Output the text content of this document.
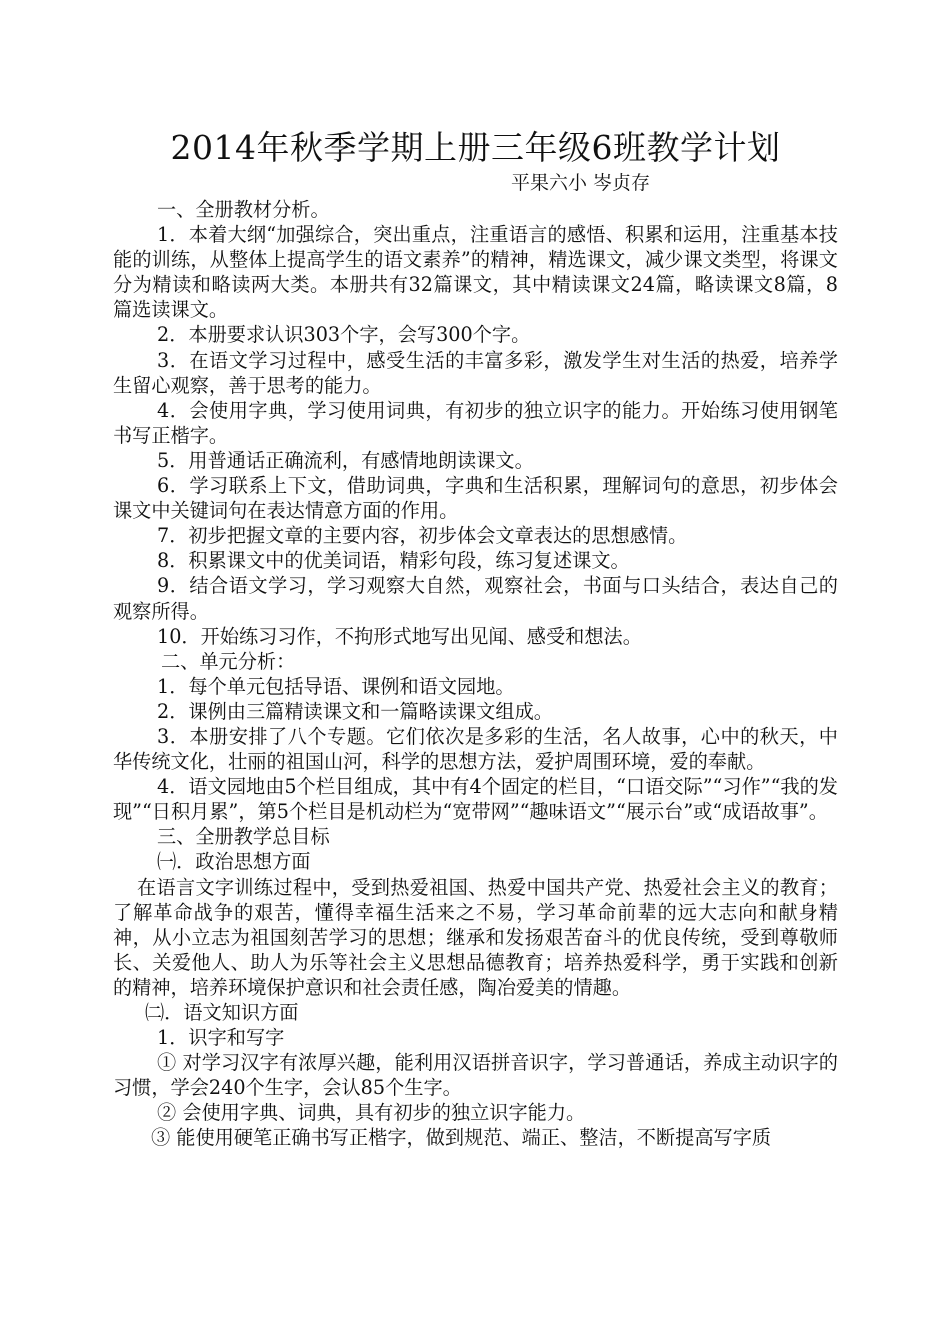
2014年秋季学期上册三年级6班教学计划
平果六小 岑贞存

一、全册教材分析。

1．本着大纲“加强综合，突出重点，注重语言的感悟、积累和运用，注重基本技能的训练，从整体上提高学生的语文素养”的精神，精选课文，减少课文类型，将课文分为精读和略读两大类。本册共有32篇课文，其中精读课文24篇，略读课文8篇，8篇选读课文。

2．本册要求认识303个字，会写300个字。

3．在语文学习过程中，感受生活的丰富多彩，激发学生对生活的热爱，培养学生留心观察，善于思考的能力。

4．会使用字典，学习使用词典，有初步的独立识字的能力。开始练习使用钢笔书写正楷字。

5．用普通话正确流利，有感情地朗读课文。

6．学习联系上下文，借助词典，字典和生活积累，理解词句的意思，初步体会课文中关键词句在表达情意方面的作用。

7．初步把握文章的主要内容，初步体会文章表达的思想感情。

8．积累课文中的优美词语，精彩句段，练习复述课文。

9．结合语文学习，学习观察大自然，观察社会，书面与口头结合，表达自己的观察所得。

10．开始练习习作，不拘形式地写出见闻、感受和想法。

二、单元分析：

1．每个单元包括导语、课例和语文园地。

2．课例由三篇精读课文和一篇略读课文组成。

3．本册安排了八个专题。它们依次是多彩的生活，名人故事，心中的秋天，中华传统文化，壮丽的祖国山河，科学的思想方法，爱护周围环境，爱的奉献。

4．语文园地由5个栏目组成，其中有4个固定的栏目，“口语交际”“习作”“我的发现”“日积月累”，第5个栏目是机动栏为“宽带网”“趣味语文”“展示台”或“成语故事”。

三、全册教学总目标

㈠．政治思想方面

在语言文字训练过程中，受到热爱祖国、热爱中国共产党、热爱社会主义的教育；了解革命战争的艰苦，懂得幸福生活来之不易，学习革命前辈的远大志向和献身精神，从小立志为祖国刻苦学习的思想；继承和发扬艰苦奋斗的优良传统，受到尊敬师长、关爱他人、助人为乐等社会主义思想品德教育；培养热爱科学，勇于实践和创新的精神，培养环境保护意识和社会责任感，陶冶爱美的情趣。

㈡．语文知识方面

1．识字和写字

① 对学习汉字有浓厚兴趣，能利用汉语拼音识字，学习普通话，养成主动识字的习惯，学会240个生字，会认85个生字。

② 会使用字典、词典，具有初步的独立识字能力。

③ 能使用硬笔正确书写正楷字，做到规范、端正、整洁，不断提高写字质
